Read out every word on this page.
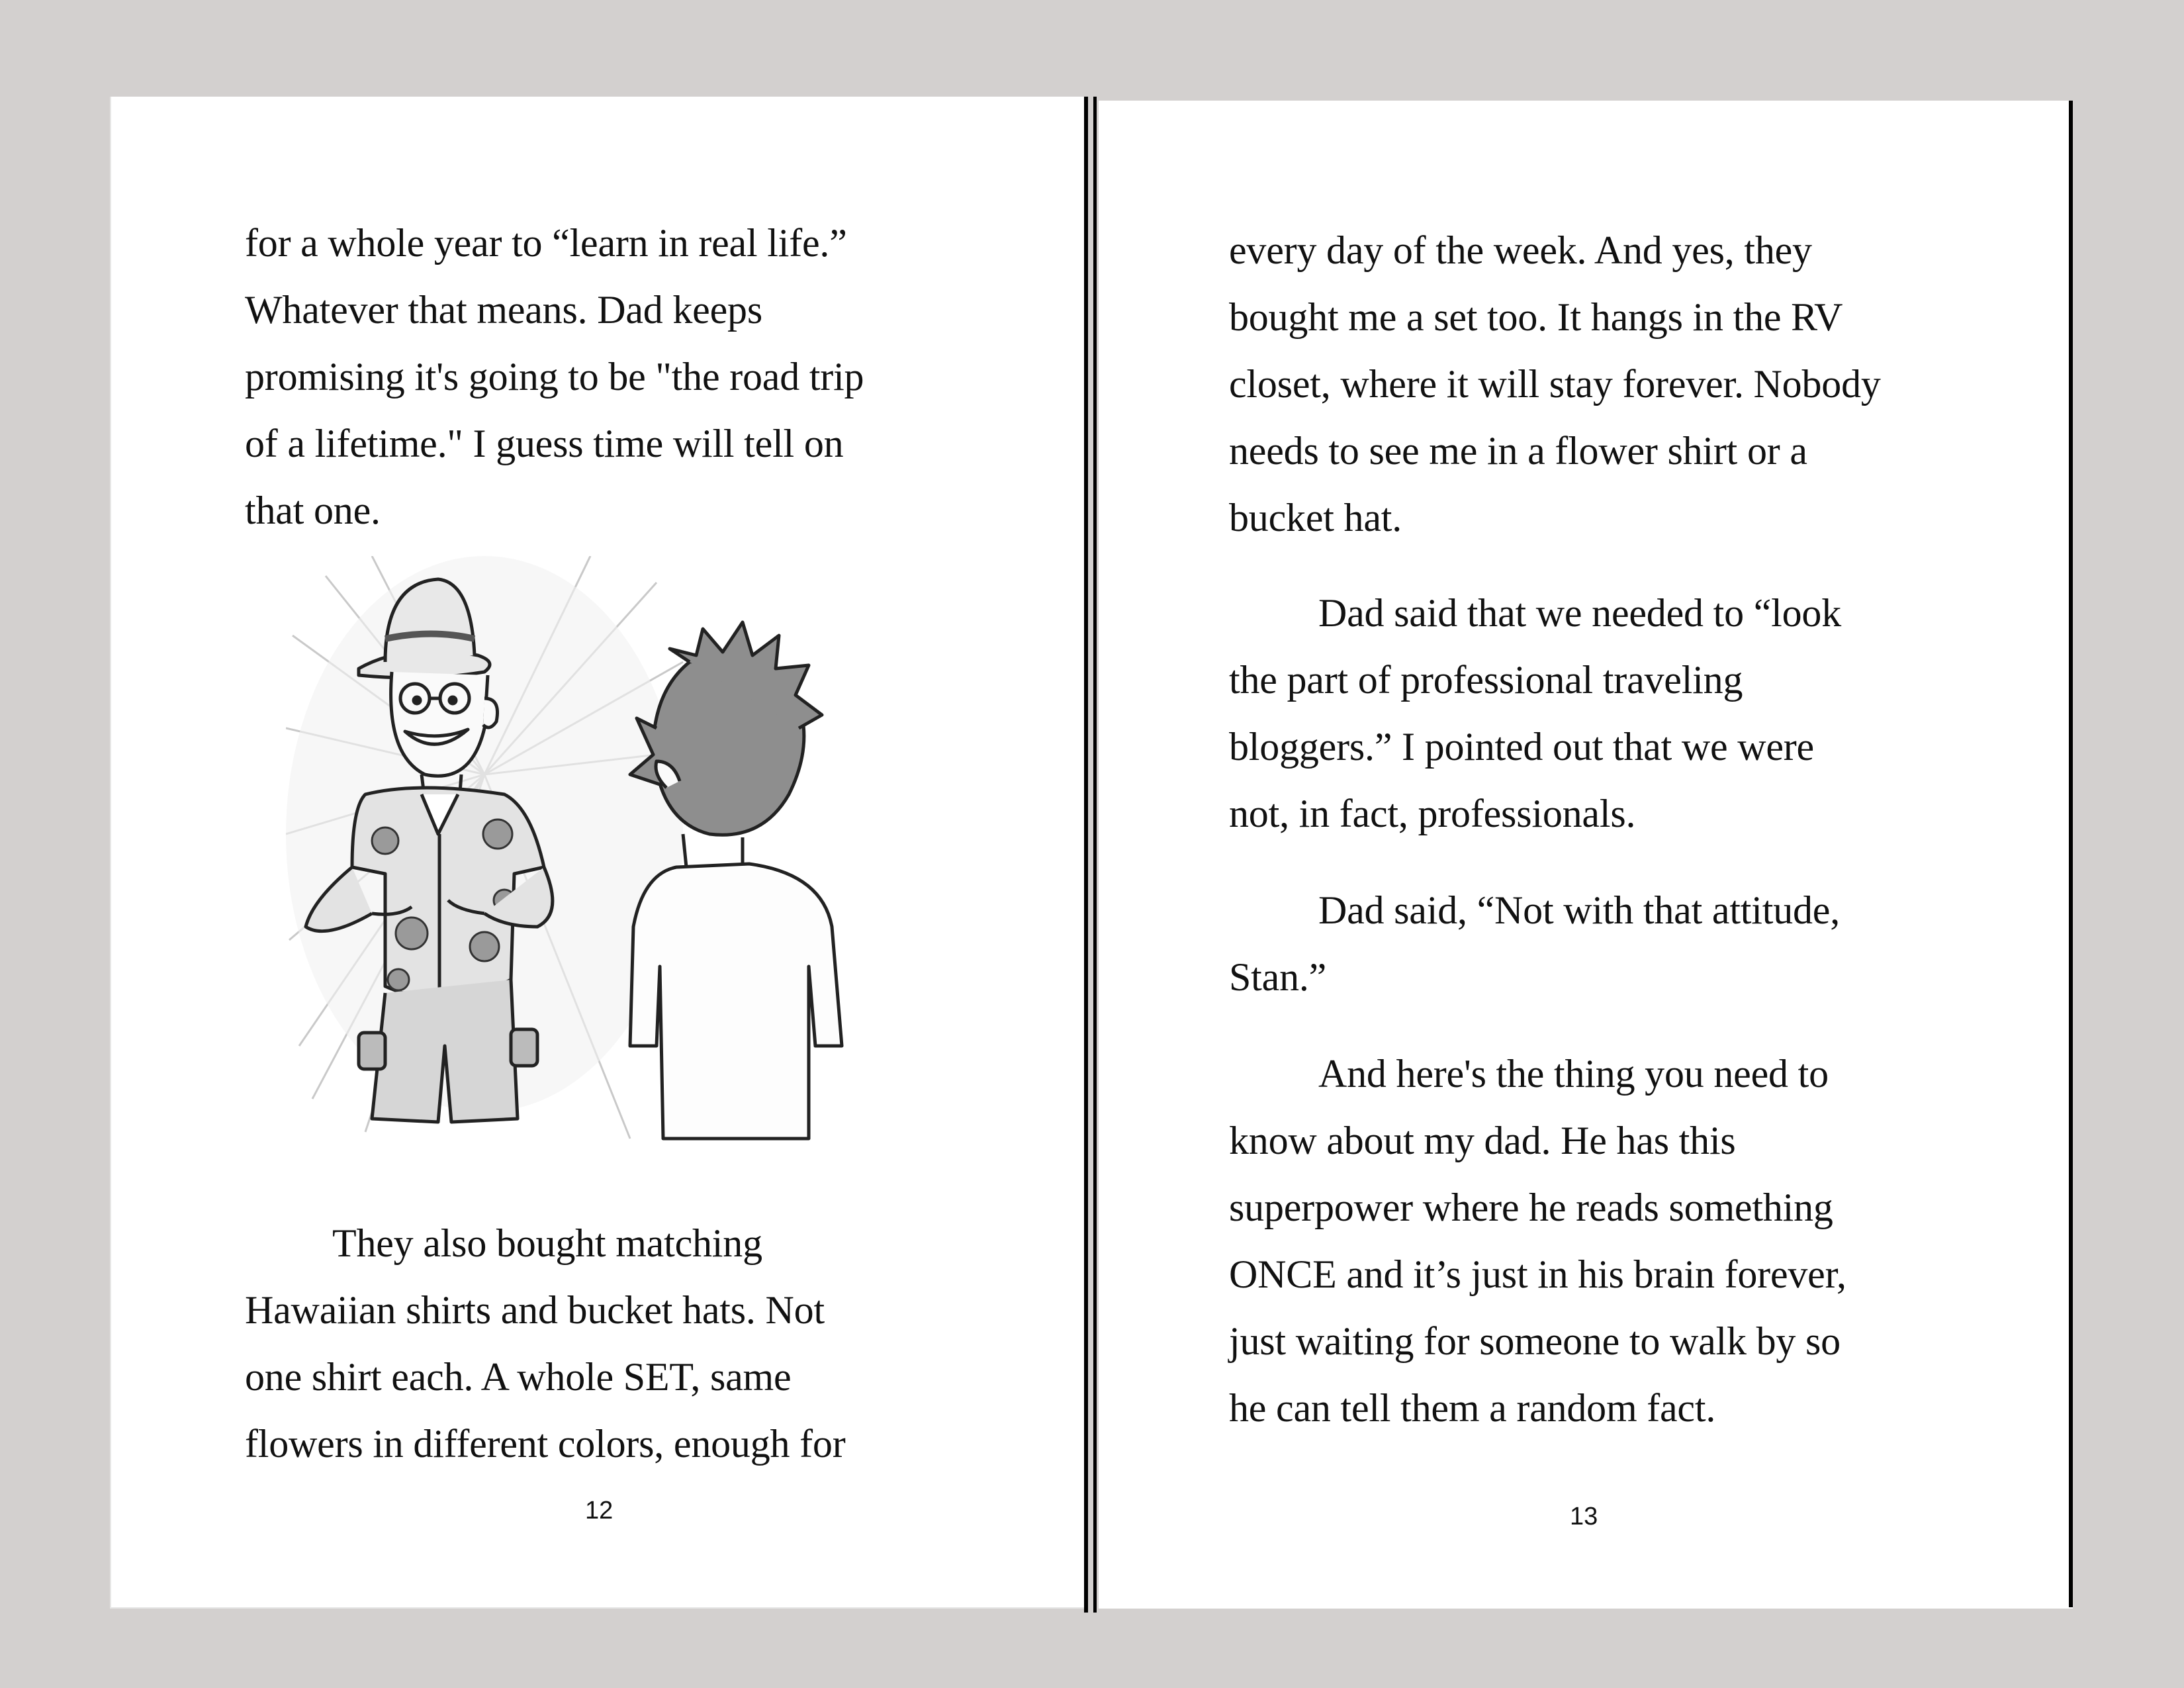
for a whole year to “learn in real life.”
Whatever that means. Dad keeps
promising it's going to be "the road trip
of a lifetime." I guess time will tell on
that one.
They also bought matching
Hawaiian shirts and bucket hats. Not
one shirt each. A whole SET, same
flowers in different colors, enough for
12
every day of the week. And yes, they
bought me a set too. It hangs in the RV
closet, where it will stay forever. Nobody
needs to see me in a flower shirt or a
bucket hat.
Dad said that we needed to “look
the part of professional traveling
bloggers.” I pointed out that we were
not, in fact, professionals.
Dad said, “Not with that attitude,
Stan.”
And here's the thing you need to
know about my dad. He has this
superpower where he reads something
ONCE and it’s just in his brain forever,
just waiting for someone to walk by so
he can tell them a random fact.
13
